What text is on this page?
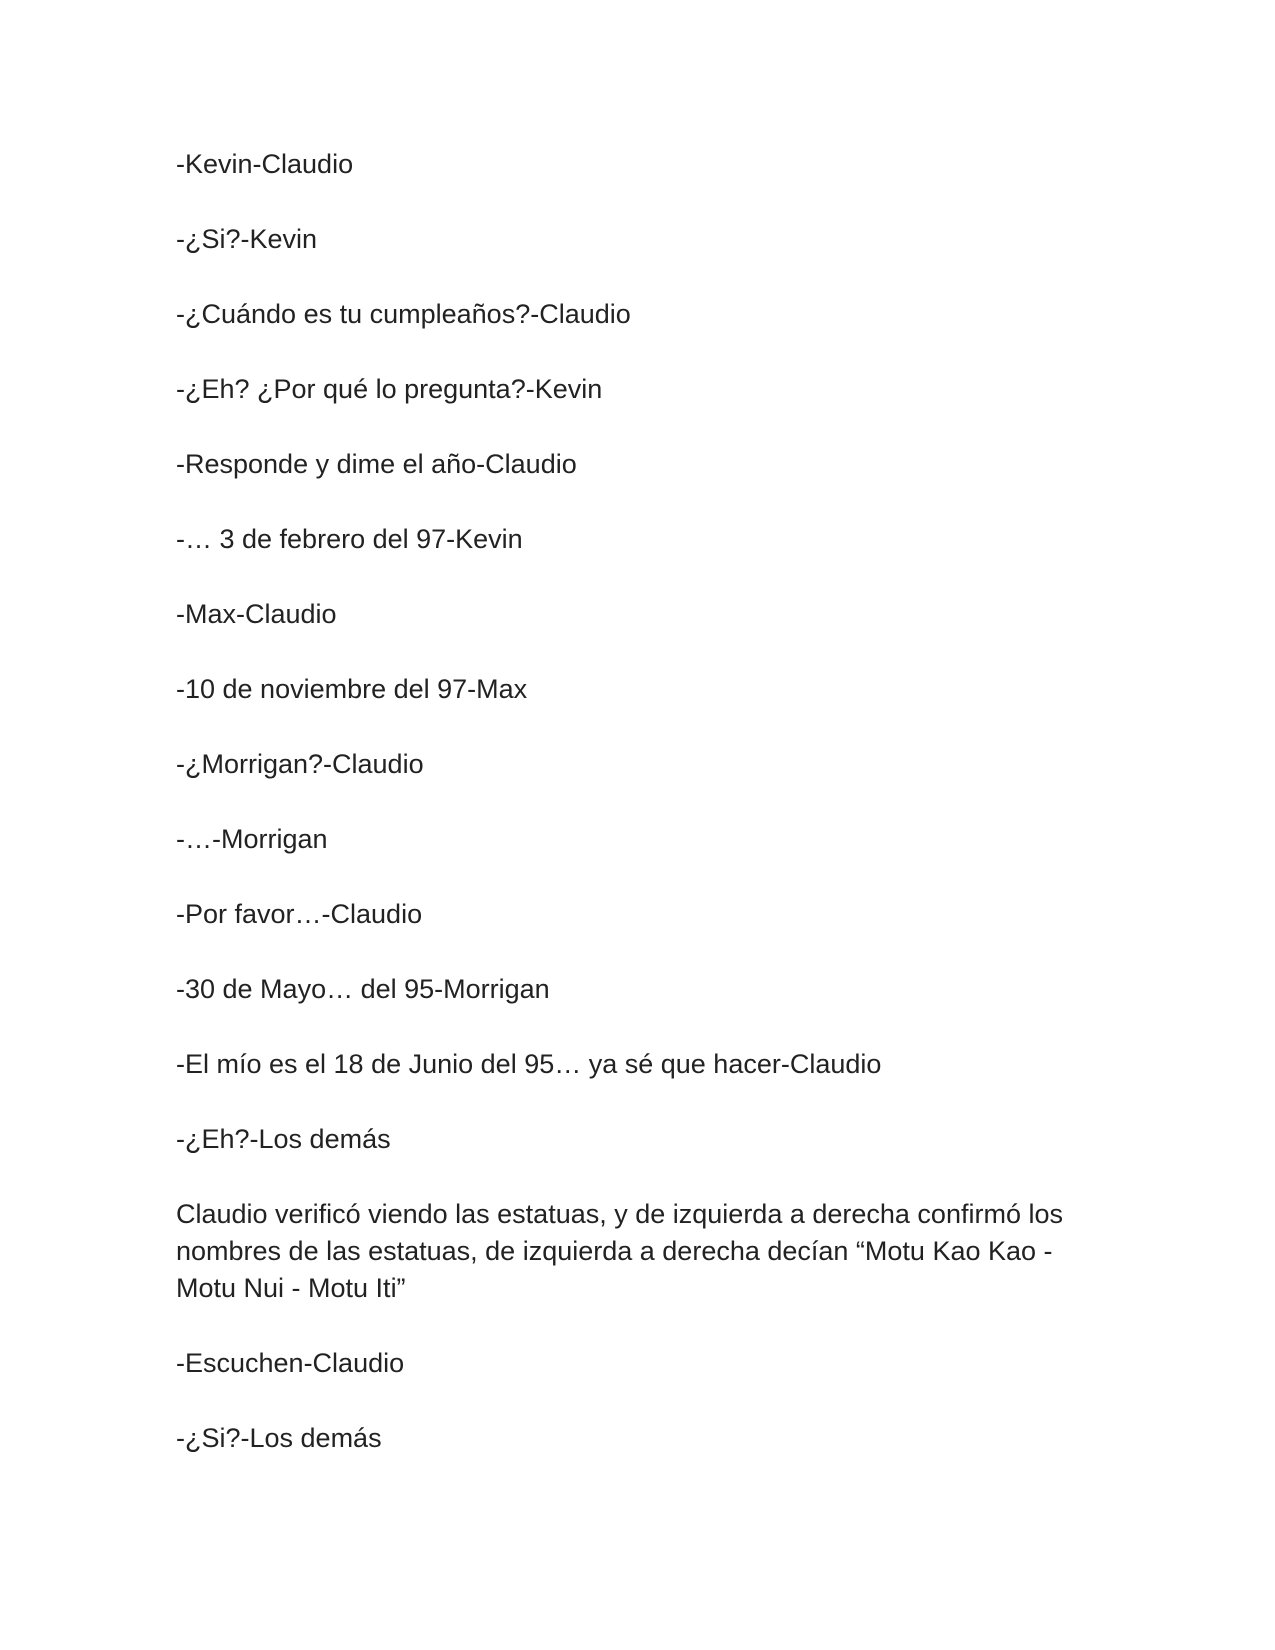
-Kevin-Claudio

-¿Si?-Kevin

-¿Cuándo es tu cumpleaños?-Claudio

-¿Eh? ¿Por qué lo pregunta?-Kevin

-Responde y dime el año-Claudio

-… 3 de febrero del 97-Kevin

-Max-Claudio

-10 de noviembre del 97-Max

-¿Morrigan?-Claudio

-…-Morrigan

-Por favor…-Claudio

-30 de Mayo… del 95-Morrigan

-El mío es el 18 de Junio del 95… ya sé que hacer-Claudio

-¿Eh?-Los demás

Claudio verificó viendo las estatuas, y de izquierda a derecha confirmó los nombres de las estatuas, de izquierda a derecha decían “Motu Kao Kao - Motu Nui - Motu Iti”

-Escuchen-Claudio

-¿Si?-Los demás
